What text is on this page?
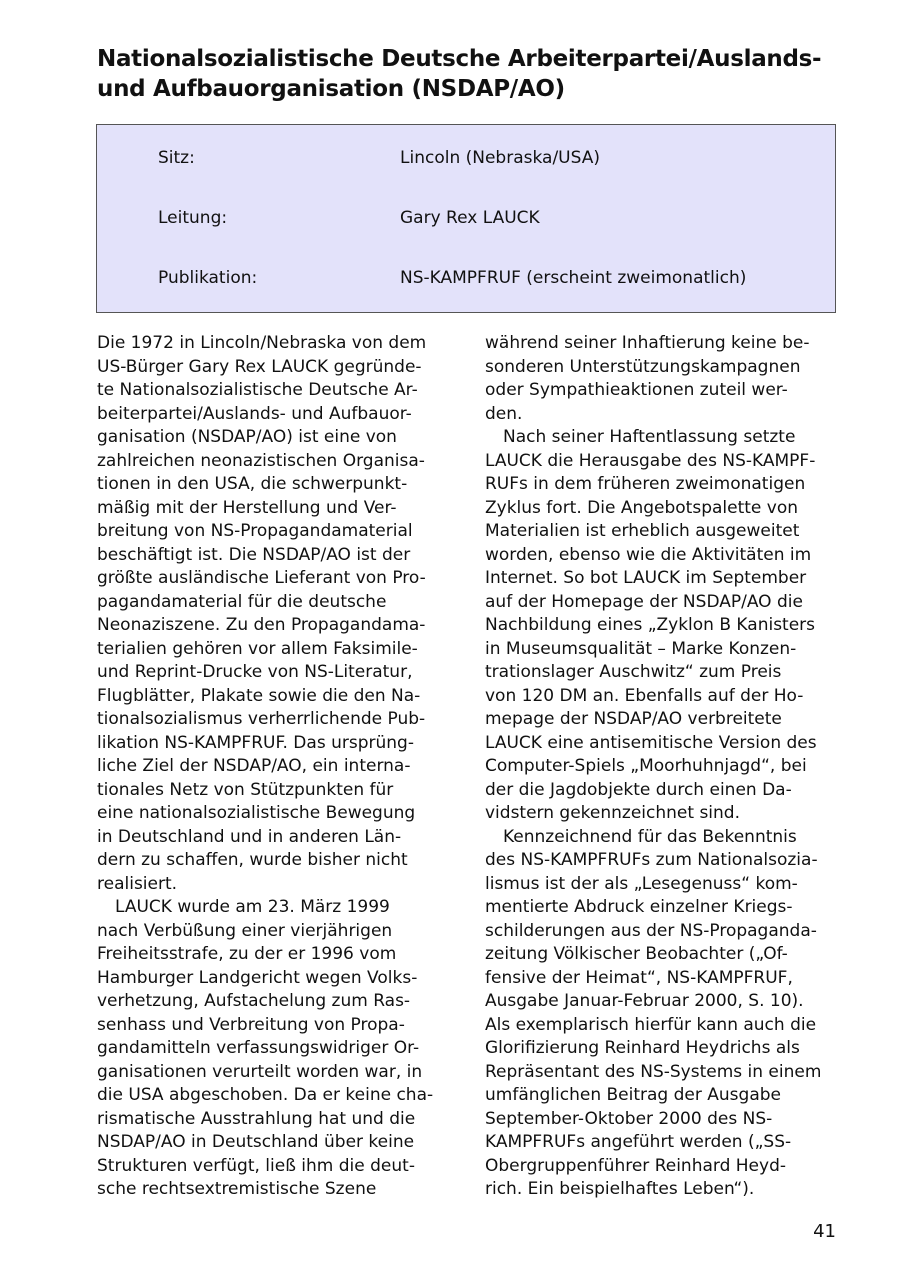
Nationalsozialistische Deutsche Arbeiterpartei/Auslands-
und Aufbauorganisation (NSDAP/AO)
Sitz:	Lincoln (Nebraska/USA)
Leitung:	Gary Rex LAUCK
Publikation:	NS-KAMPFRUF (erscheint zweimonatlich)
Die 1972 in Lincoln/Nebraska von dem
US-Bürger Gary Rex LAUCK gegründe-
te Nationalsozialistische Deutsche Ar-
beiterpartei/Auslands- und Aufbauor-
ganisation (NSDAP/AO) ist eine von
zahlreichen neonazistischen Organisa-
tionen in den USA, die schwerpunkt-
mäßig mit der Herstellung und Ver-
breitung von NS-Propagandamaterial
beschäftigt ist. Die NSDAP/AO ist der
größte ausländische Lieferant von Pro-
pagandamaterial für die deutsche
Neonaziszene. Zu den Propagandama-
terialien gehören vor allem Faksimile-
und Reprint-Drucke von NS-Literatur,
Flugblätter, Plakate sowie die den Na-
tionalsozialismus verherrlichende Pub-
likation NS-KAMPFRUF. Das ursprüng-
liche Ziel der NSDAP/AO, ein interna-
tionales Netz von Stützpunkten für
eine nationalsozialistische Bewegung
in Deutschland und in anderen Län-
dern zu schaffen, wurde bisher nicht
realisiert.
LAUCK wurde am 23. März 1999
nach Verbüßung einer vierjährigen
Freiheitsstrafe, zu der er 1996 vom
Hamburger Landgericht wegen Volks-
verhetzung, Aufstachelung zum Ras-
senhass und Verbreitung von Propa-
gandamitteln verfassungswidriger Or-
ganisationen verurteilt worden war, in
die USA abgeschoben. Da er keine cha-
rismatische Ausstrahlung hat und die
NSDAP/AO in Deutschland über keine
Strukturen verfügt, ließ ihm die deut-
sche rechtsextremistische Szene
während seiner Inhaftierung keine be-
sonderen Unterstützungskampagnen
oder Sympathieaktionen zuteil wer-
den.
Nach seiner Haftentlassung setzte
LAUCK die Herausgabe des NS-KAMPF-
RUFs in dem früheren zweimonatigen
Zyklus fort. Die Angebotspalette von
Materialien ist erheblich ausgeweitet
worden, ebenso wie die Aktivitäten im
Internet. So bot LAUCK im September
auf der Homepage der NSDAP/AO die
Nachbildung eines „Zyklon B Kanisters
in Museumsqualität – Marke Konzen-
trationslager Auschwitz“ zum Preis
von 120 DM an. Ebenfalls auf der Ho-
mepage der NSDAP/AO verbreitete
LAUCK eine antisemitische Version des
Computer-Spiels „Moorhuhnjagd“, bei
der die Jagdobjekte durch einen Da-
vidstern gekennzeichnet sind.
Kennzeichnend für das Bekenntnis
des NS-KAMPFRUFs zum Nationalsozia-
lismus ist der als „Lesegenuss“ kom-
mentierte Abdruck einzelner Kriegs-
schilderungen aus der NS-Propaganda-
zeitung Völkischer Beobachter („Of-
fensive der Heimat“, NS-KAMPFRUF,
Ausgabe Januar-Februar 2000, S. 10).
Als exemplarisch hierfür kann auch die
Glorifizierung Reinhard Heydrichs als
Repräsentant des NS-Systems in einem
umfänglichen Beitrag der Ausgabe
September-Oktober 2000 des NS-
KAMPFRUFs angeführt werden („SS-
Obergruppenführer Reinhard Heyd-
rich. Ein beispielhaftes Leben“).
41
